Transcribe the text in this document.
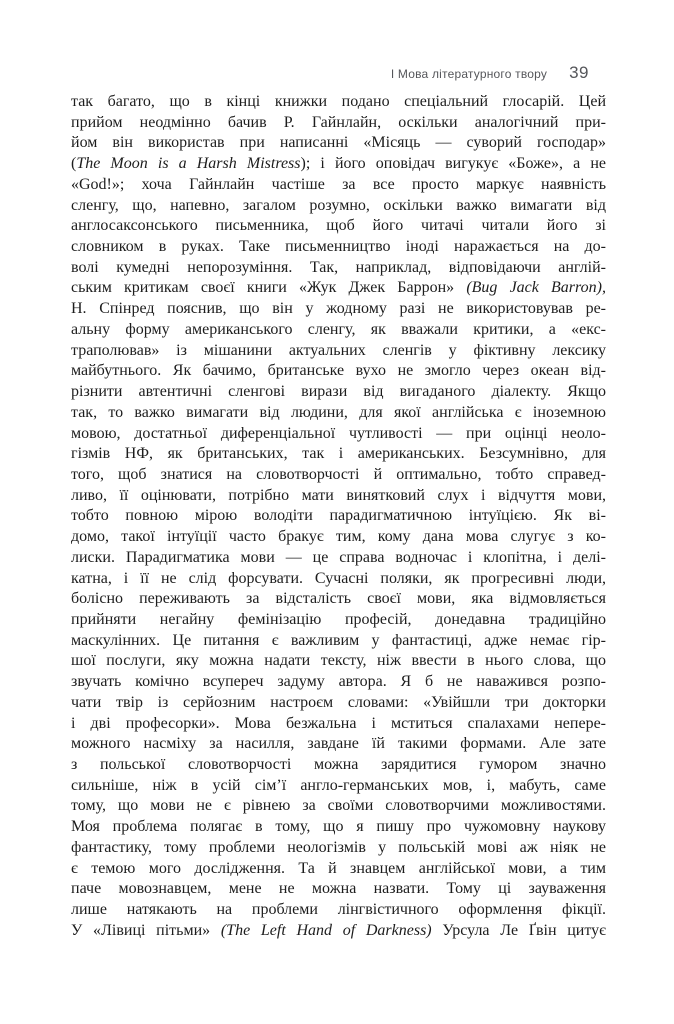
І Мова літературного твору 39
так багато, що в кінці книжки подано спеціальний глосарій. Цей
прийом неодмінно бачив Р. Гайнлайн, оскільки аналогічний при-
йом він використав при написанні «Місяць — суворий господар»
(The Moon is a Harsh Mistress); і його оповідач вигукує «Боже», а не
«God!»; хоча Гайнлайн частіше за все просто маркує наявність
сленгу, що, напевно, загалом розумно, оскільки важко вимагати від
англосаксонського письменника, щоб його читачі читали його зі
словником в руках. Таке письменництво іноді наражається на до-
волі кумедні непорозуміння. Так, наприклад, відповідаючи англій-
ським критикам своєї книги «Жук Джек Баррон» (Bug Jack Barron),
Н. Спінред пояснив, що він у жодному разі не використовував ре-
альну форму американського сленгу, як вважали критики, а «екс-
траполював» із мішанини актуальних сленгів у фіктивну лексику
майбутнього. Як бачимо, британське вухо не змогло через океан від-
різнити автентичні сленгові вирази від вигаданого діалекту. Якщо
так, то важко вимагати від людини, для якої англійська є іноземною
мовою, достатньої диференціальної чутливості — при оцінці неоло-
гізмів НФ, як британських, так і американських. Безсумнівно, для
того, щоб знатися на словотворчості й оптимально, тобто справед-
ливо, її оцінювати, потрібно мати винятковий слух і відчуття мови,
тобто повною мірою володіти парадигматичною інтуїцією. Як ві-
домо, такої інтуїції часто бракує тим, кому дана мова слугує з ко-
лиски. Парадигматика мови — це справа водночас і клопітна, і делі-
катна, і її не слід форсувати. Сучасні поляки, як прогресивні люди,
болісно переживають за відсталість своєї мови, яка відмовляється
прийняти негайну фемінізацію професій, донедавна традиційно
маскулінних. Це питання є важливим у фантастиці, адже немає гір-
шої послуги, яку можна надати тексту, ніж ввести в нього слова, що
звучать комічно всупереч задуму автора. Я б не наважився розпо-
чати твір із серйозним настроєм словами: «Увійшли три докторки
і дві професорки». Мова безжальна і мститься спалахами непере-
можного насміху за насилля, завдане їй такими формами. Але зате
з польської словотворчості можна зарядитися гумором значно
сильніше, ніж в усій сім’ї англо-германських мов, і, мабуть, саме
тому, що мови не є рівнею за своїми словотворчими можливостями.
Моя проблема полягає в тому, що я пишу про чужомовну наукову
фантастику, тому проблеми неологізмів у польській мові аж ніяк не
є темою мого дослідження. Та й знавцем англійської мови, а тим
паче мовознавцем, мене не можна назвати. Тому ці зауваження
лише натякають на проблеми лінгвістичного оформлення фікції.
У «Лівиці пітьми» (The Left Hand of Darkness) Урсула Ле Ґвін цитує
